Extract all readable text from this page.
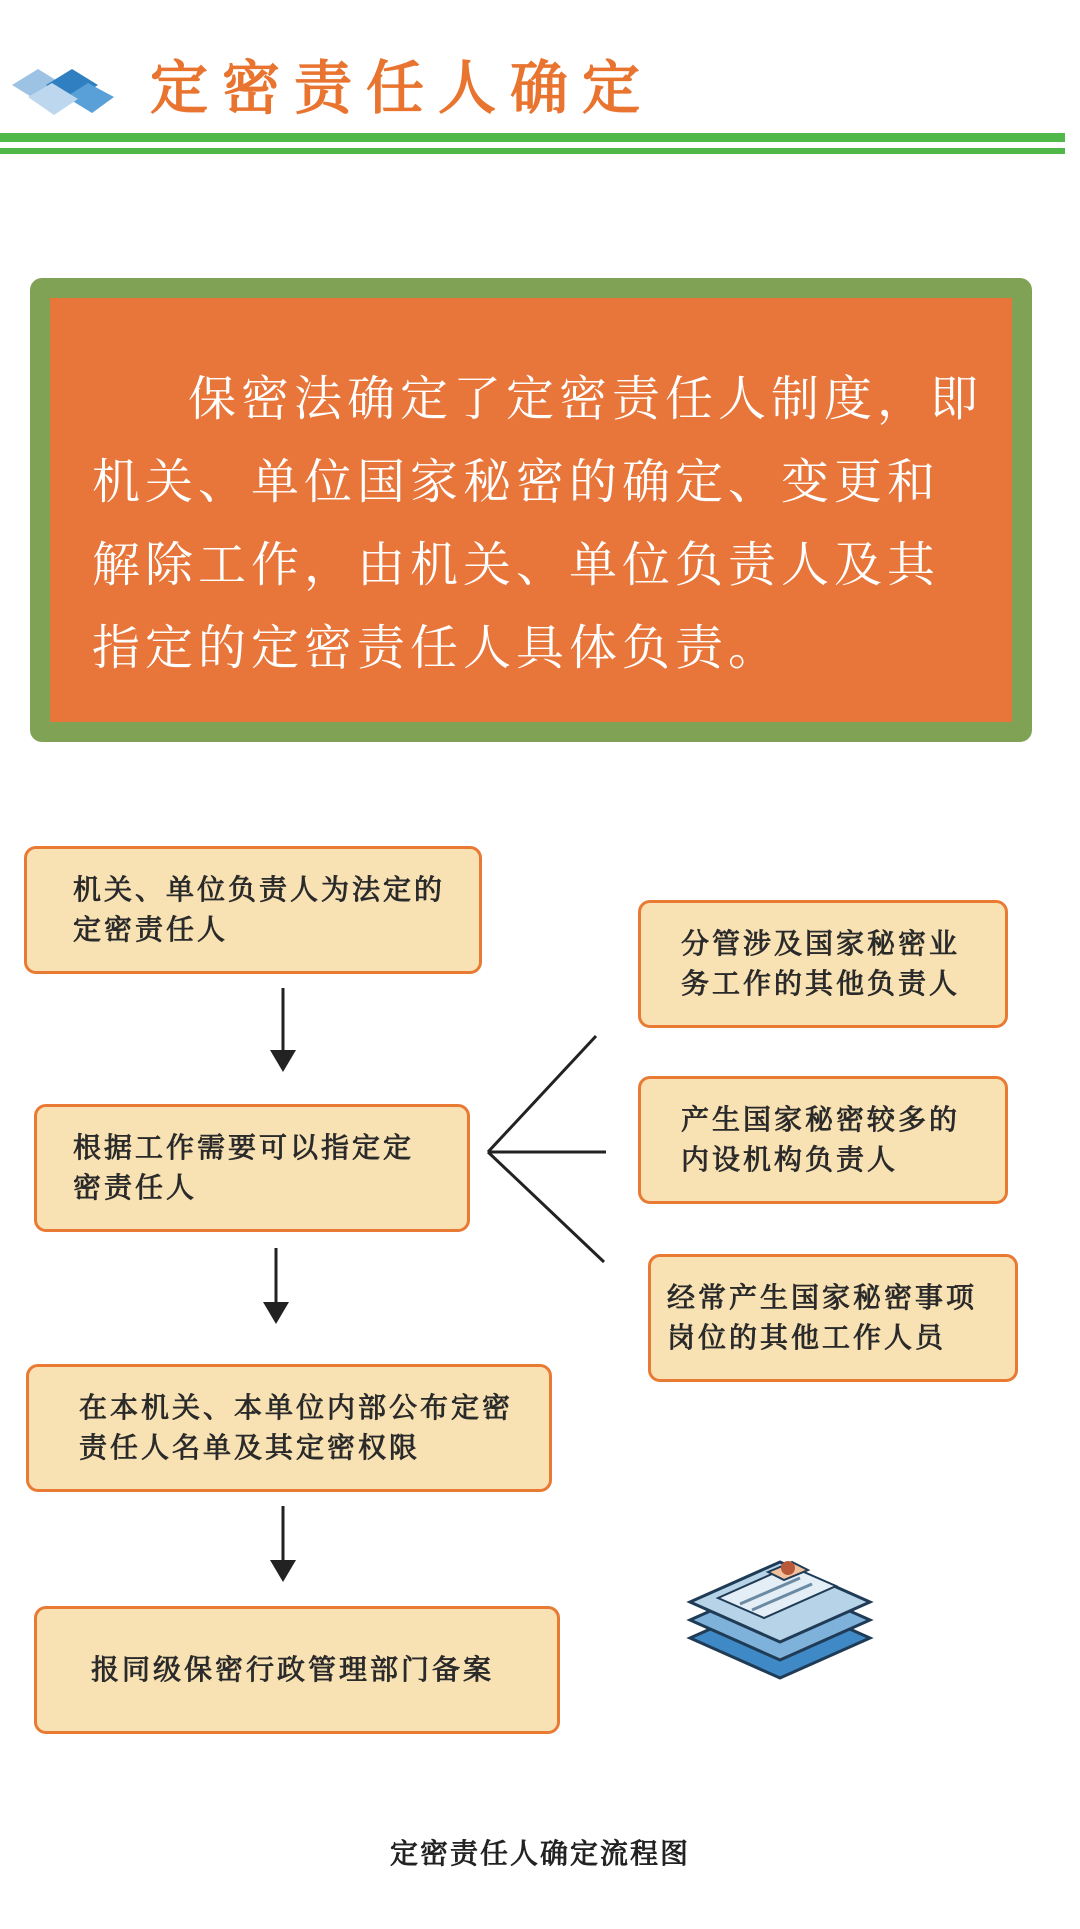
定密责任人确定
保密法确定了定密责任人制度，即机关、单位国家秘密的确定、变更和解除工作，由机关、单位负责人及其指定的定密责任人具体负责。
机关、单位负责人为法定的定密责任人
根据工作需要可以指定定密责任人
在本机关、本单位内部公布定密责任人名单及其定密权限
报同级保密行政管理部门备案
分管涉及国家秘密业务工作的其他负责人
产生国家秘密较多的内设机构负责人
经常产生国家秘密事项岗位的其他工作人员
定密责任人确定流程图
